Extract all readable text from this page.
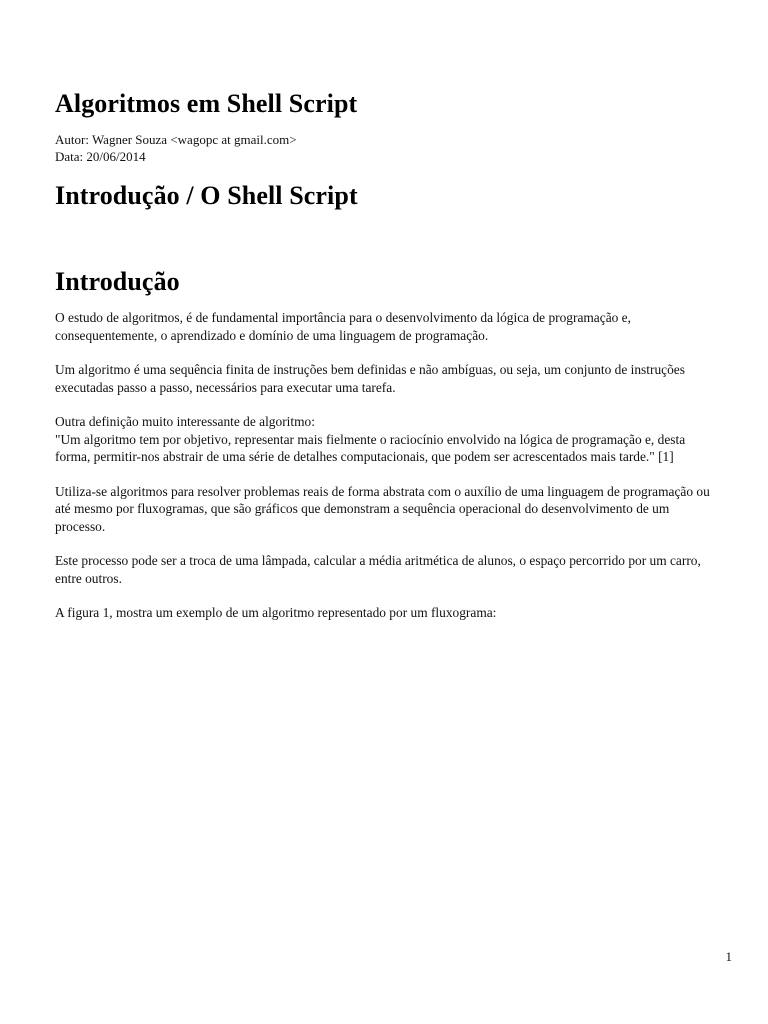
Algoritmos em Shell Script
Autor: Wagner Souza <wagopc at gmail.com>
Data: 20/06/2014
Introdução / O Shell Script
Introdução

O estudo de algoritmos, é de fundamental importância para o desenvolvimento da lógica de programação e, consequentemente, o aprendizado e domínio de uma linguagem de programação.

Um algoritmo é uma sequência finita de instruções bem definidas e não ambíguas, ou seja, um conjunto de instruções executadas passo a passo, necessários para executar uma tarefa.

Outra definição muito interessante de algoritmo:

"Um algoritmo tem por objetivo, representar mais fielmente o raciocínio envolvido na lógica de programação e, desta forma, permitir-nos abstrair de uma série de detalhes computacionais, que podem ser acrescentados mais tarde." [1]

Utiliza-se algoritmos para resolver problemas reais de forma abstrata com o auxílio de uma linguagem de programação ou até mesmo por fluxogramas, que são gráficos que demonstram a sequência operacional do desenvolvimento de um processo.

Este processo pode ser a troca de uma lâmpada, calcular a média aritmética de alunos, o espaço percorrido por um carro, entre outros.

A figura 1, mostra um exemplo de um algoritmo representado por um fluxograma:

1
